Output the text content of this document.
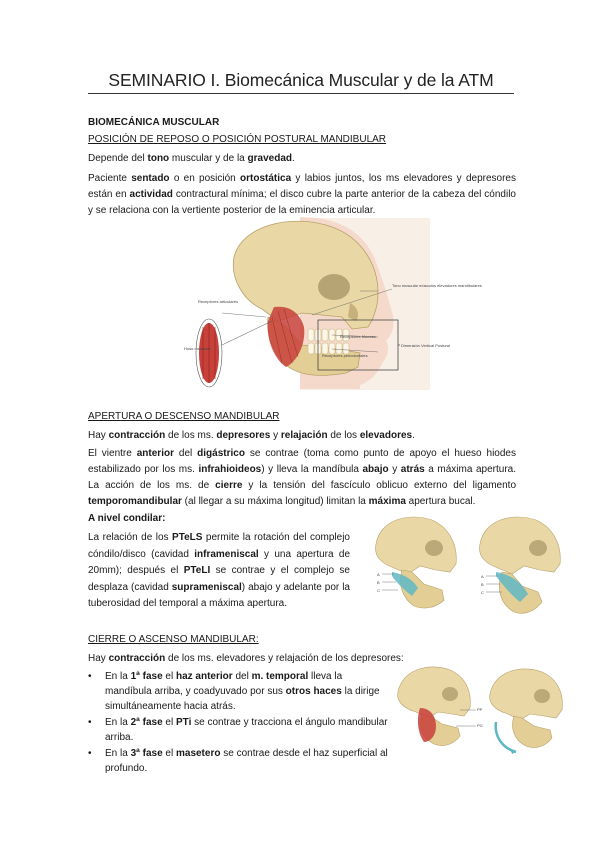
SEMINARIO I. Biomecánica Muscular y de la ATM
BIOMECÁNICA MUSCULAR
POSICIÓN DE REPOSO O POSICIÓN POSTURAL MANDIBULAR

Depende del tono muscular y de la gravedad.

Paciente sentado o en posición ortostática y labios juntos, los ms elevadores y depresores están en actividad contractural mínima; el disco cubre la parte anterior de la cabeza del cóndilo y se relaciona con la vertiente posterior de la eminencia articular.

Tono muscular músculos elevadores mandibulares
Receptores articulares
Huso muscular
Receptores Mucosa
Receptores periodontales
Dimensión Vertical Postural
APERTURA O DESCENSO MANDIBULAR

Hay contracción de los ms. depresores y relajación de los elevadores.

El vientre anterior del digástrico se contrae (toma como punto de apoyo el hueso hiodes estabilizado por los ms. infrahioideos) y lleva la mandíbula abajo y atrás a máxima apertura. La acción de los ms. de cierre y la tensión del fascículo oblicuo externo del ligamento temporomandibular (al llegar a su máxima longitud) limitan la máxima apertura bucal.

A nivel condilar:

La relación de los PTeLS permite la rotación del complejo cóndilo/disco (cavidad inframeniscal y una apertura de 20mm); después el PTeLI se contrae y el complejo se desplaza (cavidad suprameniscal) abajo y adelante por la tuberosidad del temporal a máxima apertura.

A
B
C
A
B
C
CIERRE O ASCENSO MANDIBULAR:

Hay contracción de los ms. elevadores y relajación de los depresores:

• En la 1ª fase el haz anterior del m. temporal lleva la mandíbula arriba, y coadyuvado por sus otros haces la dirige simultáneamente hacia atrás.
• En la 2ª fase el PTi se contrae y tracciona el ángulo mandibular arriba.
• En la 3ª fase el masetero se contrae desde el haz superficial al profundo.
PP
PG
